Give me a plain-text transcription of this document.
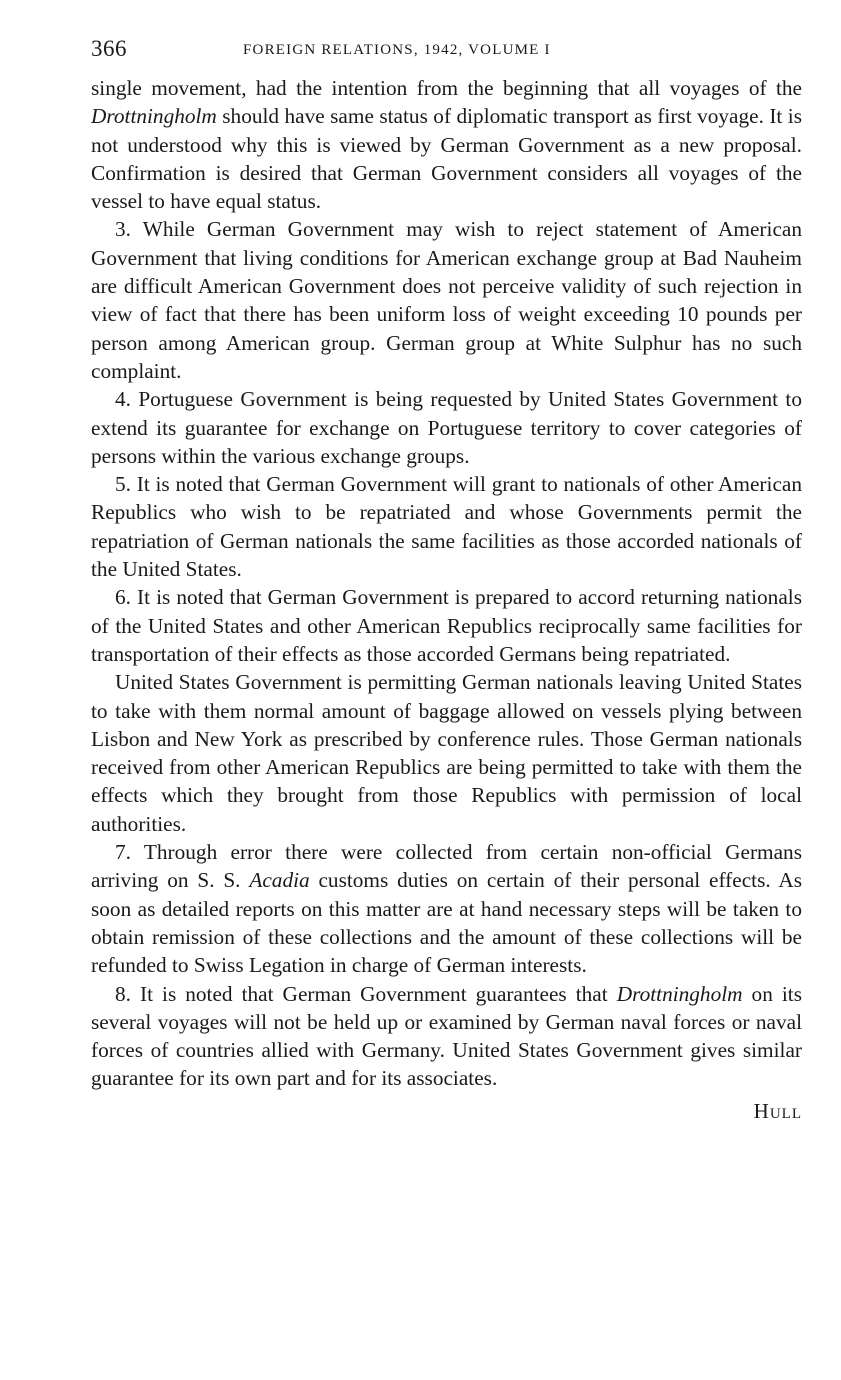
366	FOREIGN RELATIONS, 1942, VOLUME I

single movement, had the intention from the beginning that all voyages of the Drottningholm should have same status of diplomatic transport as first voyage. It is not understood why this is viewed by German Government as a new proposal. Confirmation is desired that German Government considers all voyages of the vessel to have equal status.

3. While German Government may wish to reject statement of American Government that living conditions for American exchange group at Bad Nauheim are difficult American Government does not perceive validity of such rejection in view of fact that there has been uniform loss of weight exceeding 10 pounds per person among American group. German group at White Sulphur has no such complaint.

4. Portuguese Government is being requested by United States Government to extend its guarantee for exchange on Portuguese territory to cover categories of persons within the various exchange groups.

5. It is noted that German Government will grant to nationals of other American Republics who wish to be repatriated and whose Governments permit the repatriation of German nationals the same facilities as those accorded nationals of the United States.

6. It is noted that German Government is prepared to accord returning nationals of the United States and other American Republics reciprocally same facilities for transportation of their effects as those accorded Germans being repatriated.

United States Government is permitting German nationals leaving United States to take with them normal amount of baggage allowed on vessels plying between Lisbon and New York as prescribed by conference rules. Those German nationals received from other American Republics are being permitted to take with them the effects which they brought from those Republics with permission of local authorities.

7. Through error there were collected from certain non-official Germans arriving on S. S. Acadia customs duties on certain of their personal effects. As soon as detailed reports on this matter are at hand necessary steps will be taken to obtain remission of these collections and the amount of these collections will be refunded to Swiss Legation in charge of German interests.

8. It is noted that German Government guarantees that Drottningholm on its several voyages will not be held up or examined by German naval forces or naval forces of countries allied with Germany. United States Government gives similar guarantee for its own part and for its associates.

Hull
